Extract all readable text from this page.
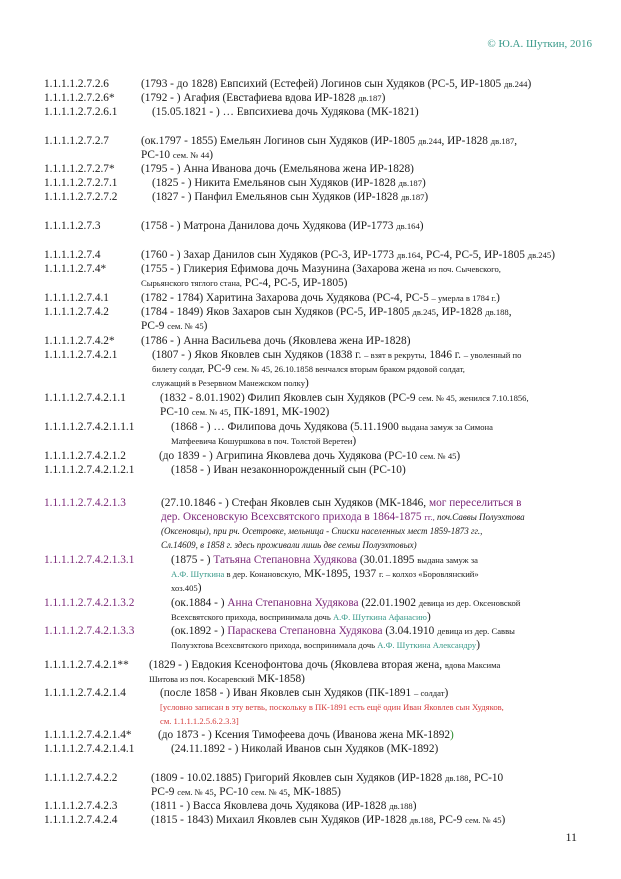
© Ю.А. Шуткин, 2016
1.1.1.1.2.7.2.6	(1793 - до 1828) Евпсихий (Естефей) Логинов сын Худяков (РС-5, ИР-1805 дв.244)
1.1.1.1.2.7.2.6* (1792 - ) Агафия (Евстафиева вдова ИР-1828 дв.187)
1.1.1.1.2.7.2.6.1	(15.05.1821 - ) … Евпсихиева дочь Худякова (МК-1821)
1.1.1.1.2.7.2.7	(ок.1797 - 1855) Емельян Логинов сын Худяков (ИР-1805 дв.244, ИР-1828 дв.187,
РС-10 сем. № 44)
1.1.1.1.2.7.2.7* (1795 - ) Анна Иванова дочь (Емельянова жена ИР-1828)
1.1.1.1.2.7.2.7.1	(1825 - ) Никита Емельянов сын Худяков (ИР-1828 дв.187)
1.1.1.1.2.7.2.7.2	(1827 - ) Панфил Емельянов сын Худяков (ИР-1828 дв.187)
1.1.1.1.2.7.3	(1758 - ) Матрона Данилова дочь Худякова (ИР-1773 дв.164)
1.1.1.1.2.7.4	(1760 - ) Захар Данилов сын Худяков (РС-3, ИР-1773 дв.164, РС-4, РС-5, ИР-1805 дв.245)
1.1.1.1.2.7.4*	(1755 - ) Гликерия Ефимова дочь Мазунина (Захарова жена из поч. Сычевского,
Сырьянского тяглого стана, РС-4, РС-5, ИР-1805)
1.1.1.1.2.7.4.1	(1782 - 1784) Харитина Захарова дочь Худякова (РС-4, РС-5 – умерла в 1784 г.)
1.1.1.1.2.7.4.2	(1784 - 1849) Яков Захаров сын Худяков (РС-5, ИР-1805 дв.245, ИР-1828 дв.188,
РС-9 сем. № 45)
1.1.1.1.2.7.4.2* (1786 - ) Анна Васильева дочь (Яковлева жена ИР-1828)
1.1.1.1.2.7.4.2.1	(1807 - ) Яков Яковлев сын Худяков (1838 г. – взят в рекруты, 1846 г. – уволенный по
билету солдат, РС-9 сем. № 45, 26.10.1858 венчался вторым браком рядовой солдат,
служащий в Резервном Манежском полку)
1.1.1.1.2.7.4.2.1.1	(1832 - 8.01.1902) Филип Яковлев сын Худяков (РС-9 сем. № 45, женился 7.10.1856,
РС-10 сем. № 45, ПК-1891, МК-1902)
1.1.1.1.2.7.4.2.1.1.1	(1868 - ) … Филипова дочь Худякова (5.11.1900 выдана замуж за Симона
Матфеевича Кошуршкова в поч. Толстой Веретеи)
1.1.1.1.2.7.4.2.1.2	(до 1839 - ) Агрипина Яковлева дочь Худякова (РС-10 сем. № 45)
1.1.1.1.2.7.4.2.1.2.1	(1858 - ) Иван незаконнорожденный сын (РС-10)
1.1.1.1.2.7.4.2.1.3	(27.10.1846 - ) Стефан Яковлев сын Худяков (МК-1846, мог переселиться в
дер. Оксеновскую Всехсвятского прихода в 1864-1875 гг., поч.Саввы Полуэхтова
(Оксеновцы), при рч. Осетровке, мельница - Списки населенных мест 1859-1873 гг.,
Сл.14609, в 1858 г. здесь проживали лишь две семьи Полуэхтовых)
1.1.1.1.2.7.4.2.1.3.1	(1875 - ) Татьяна Степановна Худякова (30.01.1895 выдана замуж за
А.Ф. Шуткина в дер. Конановскую, МК-1895, 1937 г. – колхоз «Боровлянский»
хоз.405)
1.1.1.1.2.7.4.2.1.3.2	(ок.1884 - ) Анна Степановна Худякова (22.01.1902 девица из дер. Оксеновской
Всехсвятского прихода, воспринимала дочь А.Ф. Шуткина Афанасию)
1.1.1.1.2.7.4.2.1.3.3	(ок.1892 - ) Параскева Степановна Худякова (3.04.1910 девица из дер. Саввы
Полуэхтова Всехсвятского прихода, воспринимала дочь А.Ф. Шуткина Александру)
1.1.1.1.2.7.4.2.1** (1829 - ) Евдокия Ксенофонтова дочь (Яковлева вторая жена, вдова Максима
Шитова из поч. Косаревский МК-1858)
1.1.1.1.2.7.4.2.1.4	(после 1858 - ) Иван Яковлев сын Худяков (ПК-1891 – солдат)
[условно записан в эту ветвь, поскольку в ПК-1891 есть ещё один Иван Яковлев сын Худяков,
см. 1.1.1.1.2.5.6.2.3.3]
1.1.1.1.2.7.4.2.1.4* (до 1873 - ) Ксения Тимофеева дочь (Иванова жена МК-1892)
1.1.1.1.2.7.4.2.1.4.1	(24.11.1892 - ) Николай Иванов сын Худяков (МК-1892)
1.1.1.1.2.7.4.2.2	(1809 - 10.02.1885) Григорий Яковлев сын Худяков (ИР-1828 дв.188, РС-10
РС-9 сем. № 45, РС-10 сем. № 45, МК-1885)
1.1.1.1.2.7.4.2.3	(1811 - ) Васса Яковлева дочь Худякова (ИР-1828 дв.188)
1.1.1.1.2.7.4.2.4	(1815 - 1843) Михаил Яковлев сын Худяков (ИР-1828 дв.188, РС-9 сем. № 45)
11
